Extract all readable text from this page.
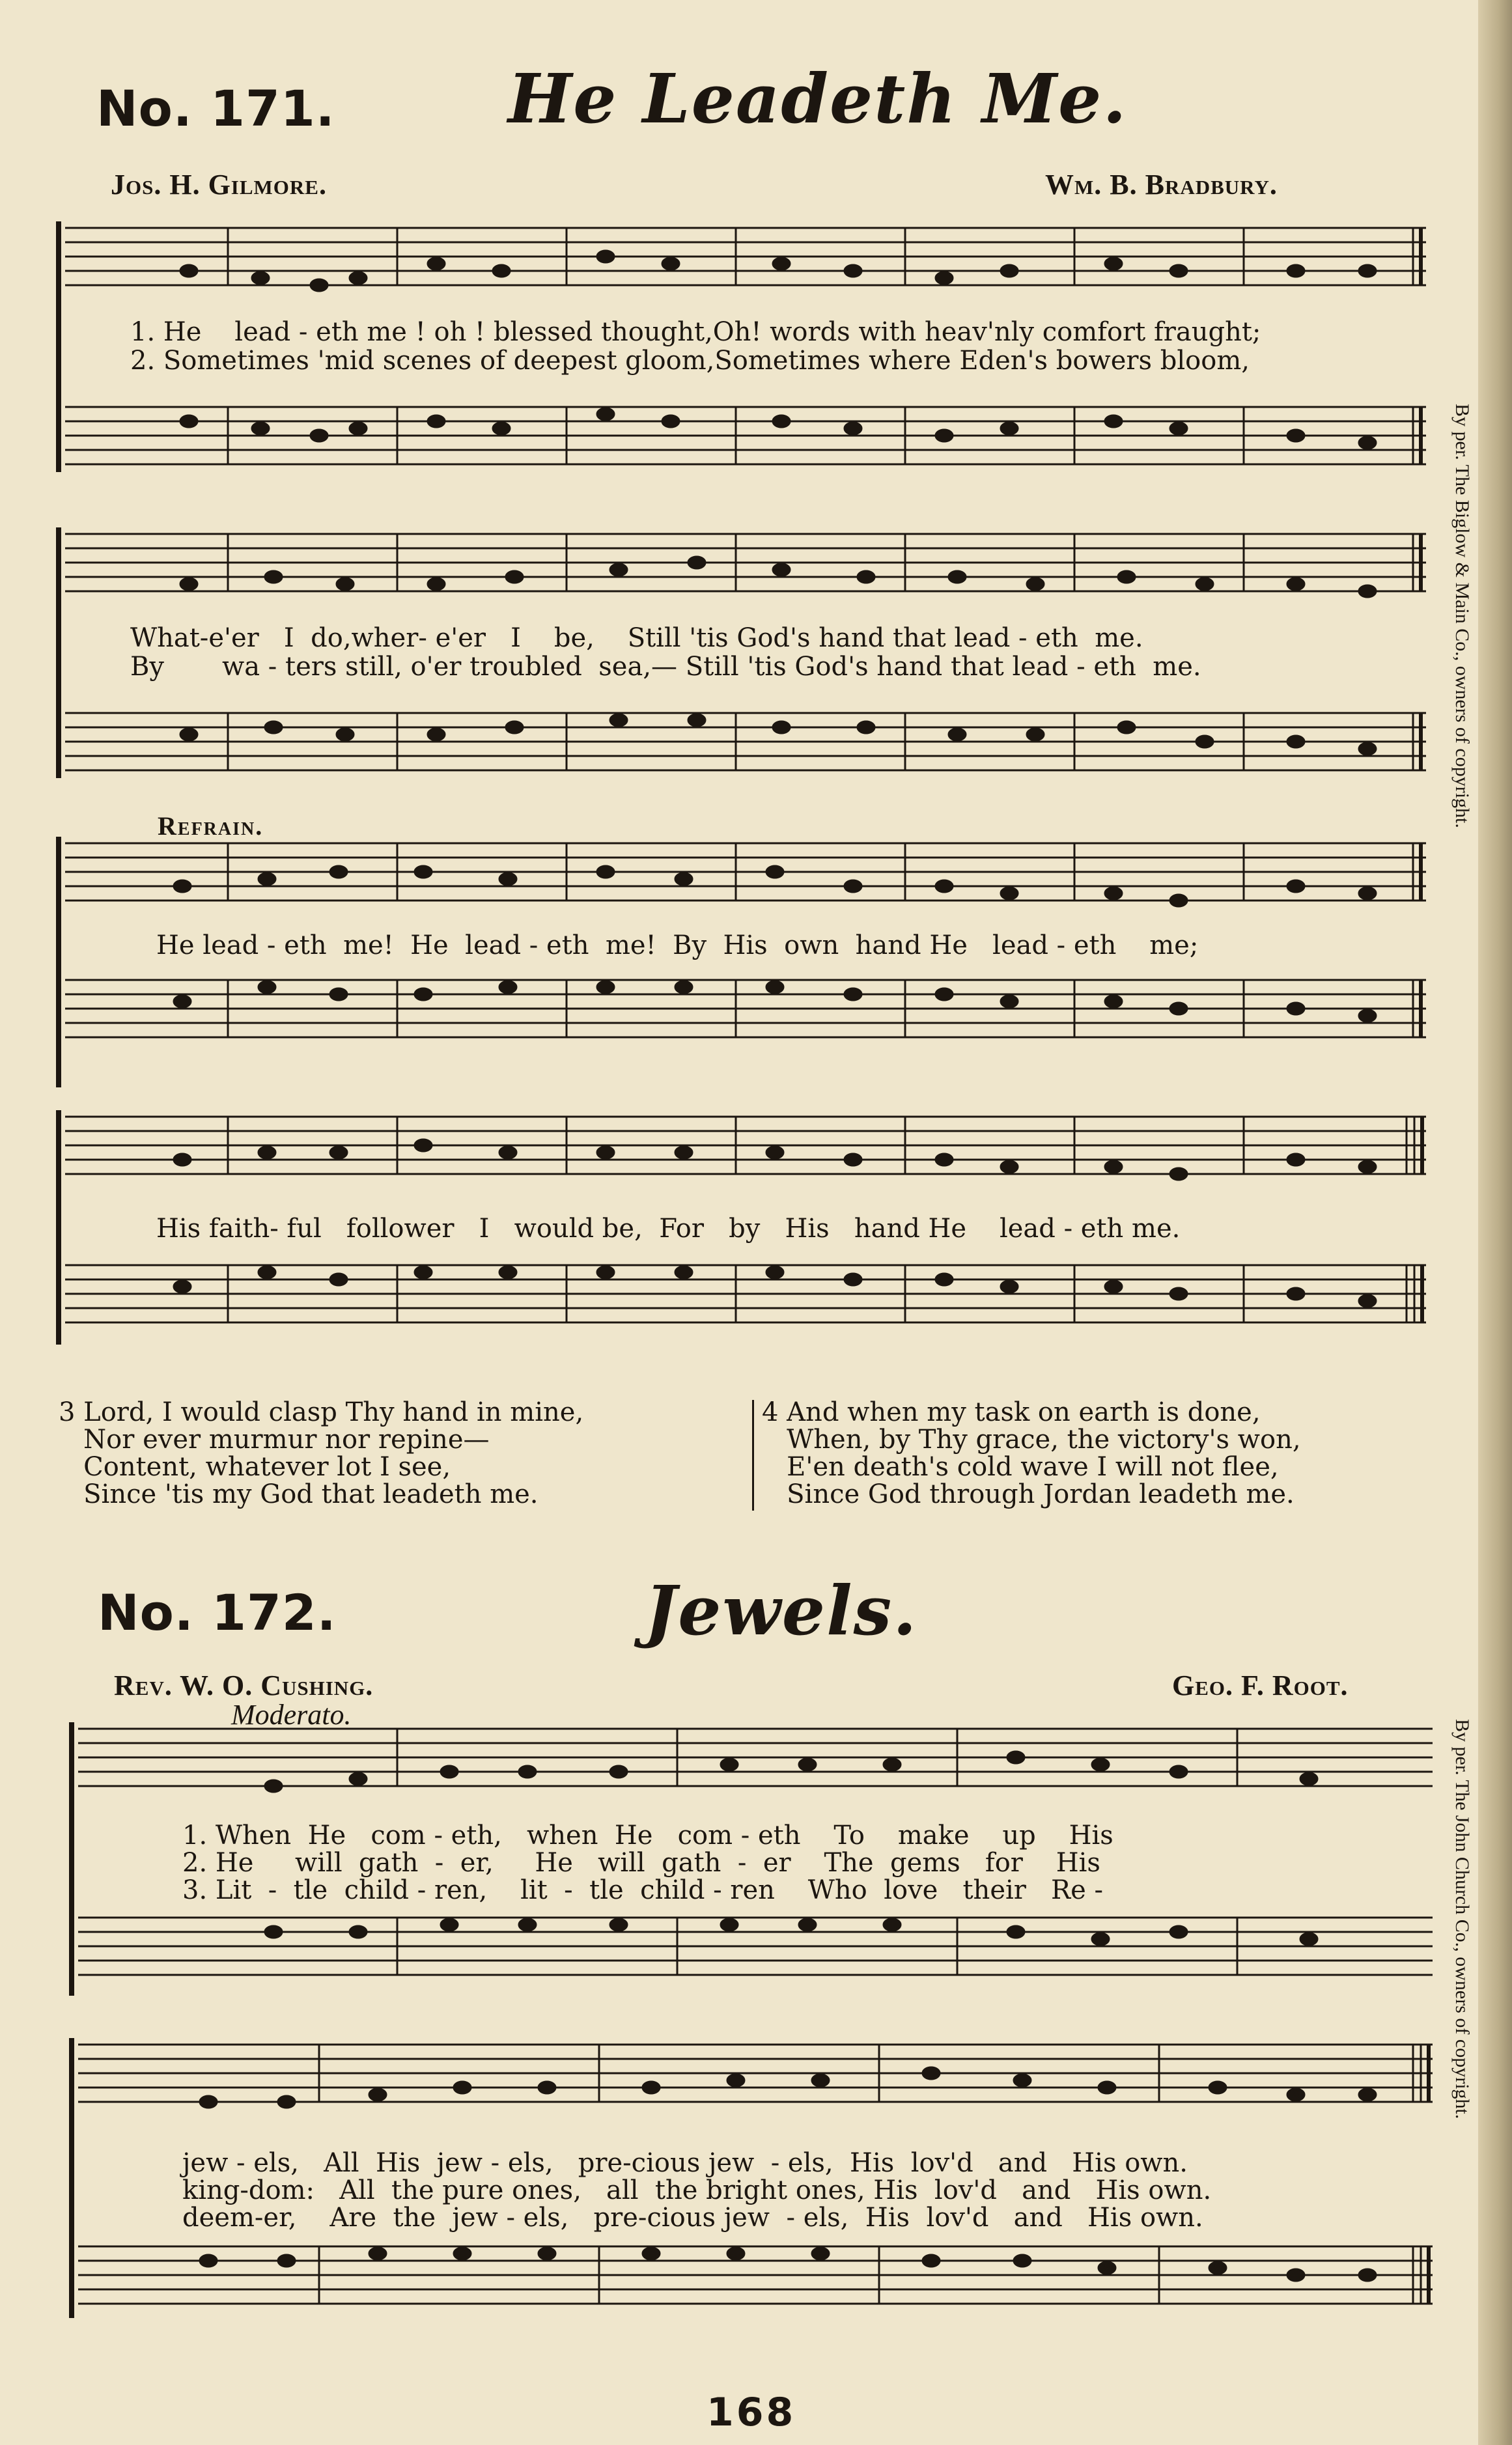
No. 171.	He Leadeth Me.
Jos. H. Gilmore.	Wm. B. Bradbury.
1. He    lead - eth me ! oh ! blessed thought,Oh! words with heav'nly comfort fraught;
2. Sometimes 'mid scenes of deepest gloom,Sometimes where Eden's bowers bloom,
What-e'er   I  do,wher- e'er   I    be,    Still 'tis God's hand that lead - eth  me.
By       wa - ters still, o'er troubled  sea,— Still 'tis God's hand that lead - eth  me.
Refrain.
He lead - eth  me!  He  lead - eth  me!  By  His  own  hand He   lead - eth    me;
His faith- ful   follower   I   would be,  For   by   His   hand He    lead - eth me.
3 Lord, I would clasp Thy hand in mine,
Nor ever murmur nor repine—
Content, whatever lot I see,
Since 'tis my God that leadeth me.
4 And when my task on earth is done,
When, by Thy grace, the victory's won,
E'en death's cold wave I will not flee,
Since God through Jordan leadeth me.
By per. The Biglow & Main Co., owners of copyright.
No. 172.	Jewels.
Rev. W. O. Cushing.	Geo. F. Root.
Moderato.
1. When  He   com - eth,   when  He   com - eth    To    make    up    His
2. He     will  gath  -  er,     He   will  gath  -  er    The  gems   for    His
3. Lit  -  tle  child - ren,    lit  -  tle  child - ren    Who  love   their   Re -
jew - els,   All  His  jew - els,   pre-cious jew  - els,  His  lov'd   and   His own.
king-dom:   All  the pure ones,   all  the bright ones, His  lov'd   and   His own.
deem-er,    Are  the  jew - els,   pre-cious jew  - els,  His  lov'd   and   His own.
By per. The John Church Co., owners of copyright.
168
